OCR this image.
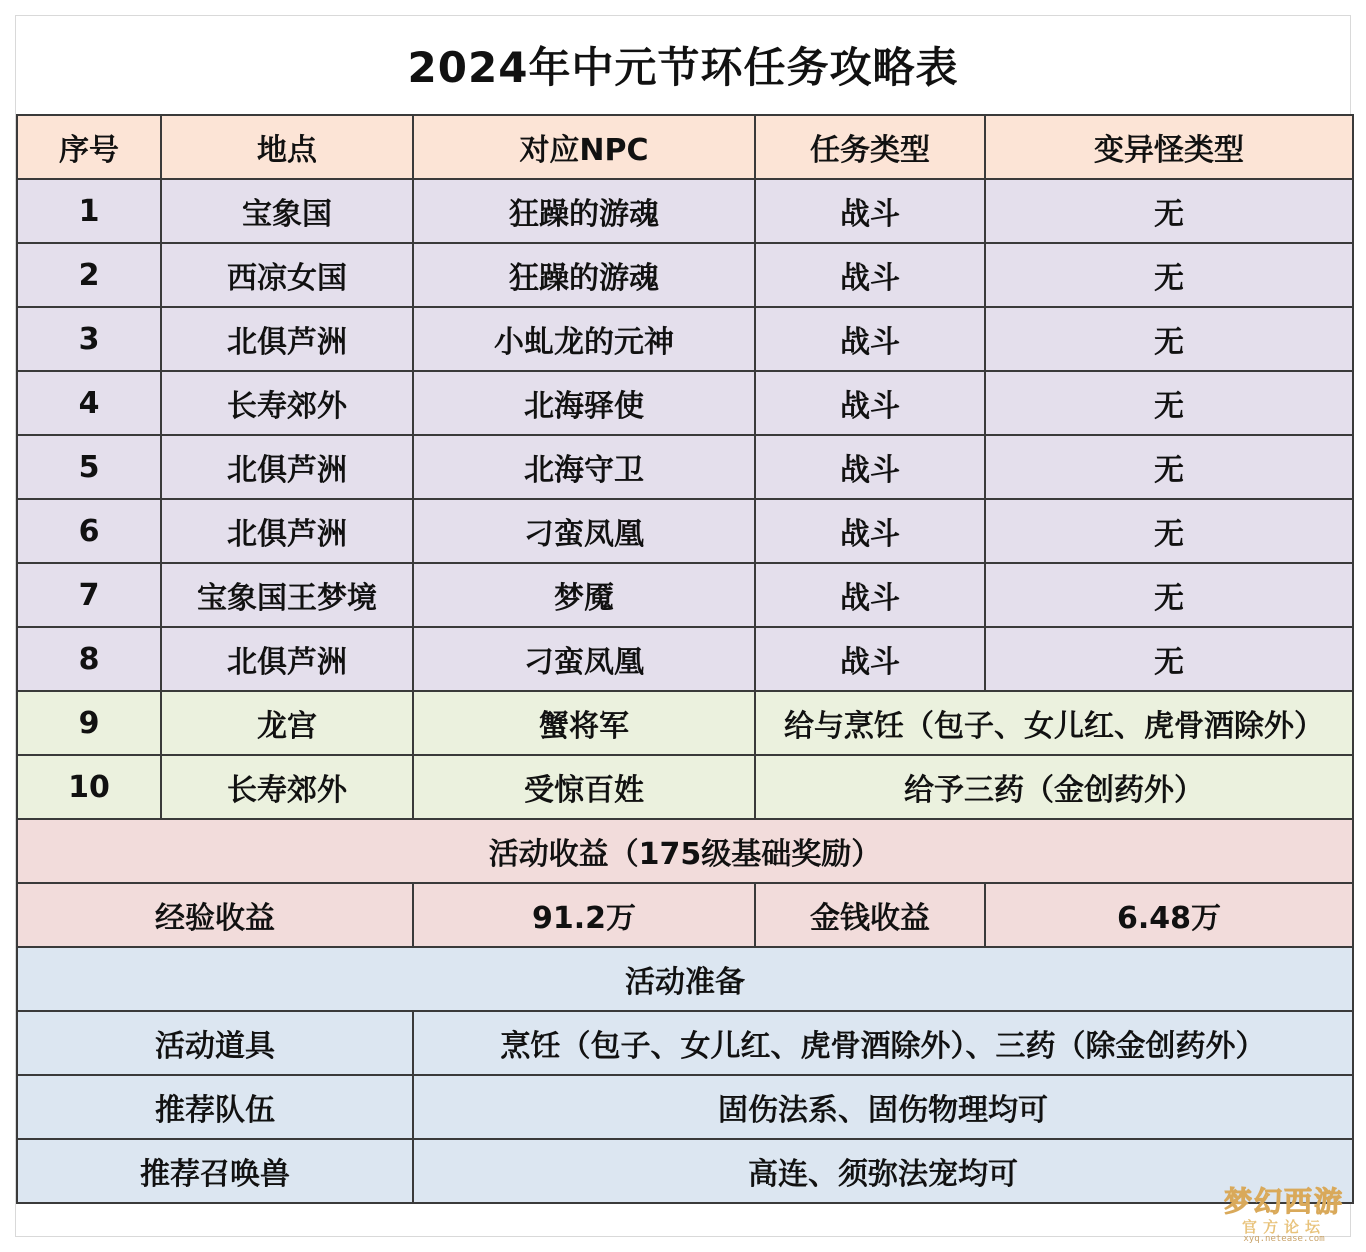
2024年中元节环任务攻略表
序号	地点	对应NPC	任务类型	变异怪类型
1	宝象国	狂躁的游魂	战斗	无
2	西凉女国	狂躁的游魂	战斗	无
3	北俱芦洲	小虬龙的元神	战斗	无
4	长寿郊外	北海驿使	战斗	无
5	北俱芦洲	北海守卫	战斗	无
6	北俱芦洲	刁蛮凤凰	战斗	无
7	宝象国王梦境	梦魇	战斗	无
8	北俱芦洲	刁蛮凤凰	战斗	无
9	龙宫	蟹将军	给与烹饪（包子、女儿红、虎骨酒除外）	
10	长寿郊外	受惊百姓	给予三药（金创药外）	
活动收益（175级基础奖励）				
经验收益		91.2万	金钱收益	6.48万
活动准备				
活动道具		烹饪（包子、女儿红、虎骨酒除外）、三药（除金创药外）		
推荐队伍		固伤法系、固伤物理均可		
推荐召唤兽		高连、须弥法宠均可		
梦幻西游
官方论坛
xyq.netease.com
